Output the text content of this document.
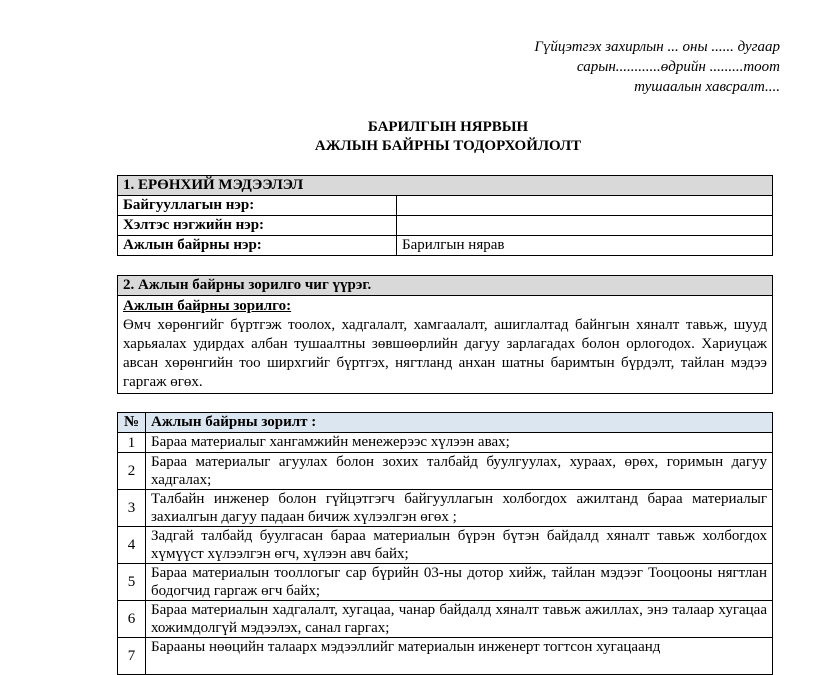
Гүйцэтгэх захирлын ... оны ...... дугаар
сарын............өдрийн .........тоот
тушаалын хавсралт....
БАРИЛГЫН НЯРВЫН
АЖЛЫН БАЙРНЫ ТОДОРХОЙЛОЛТ
1. ЕРӨНХИЙ МЭДЭЭЛЭЛ	
Байгууллагын нэр:	
Хэлтэс нэгжийн нэр:	
Ажлын байрны нэр:	Барилгын нярав
2. Ажлын байрны зорилго чиг үүрэг.

Ажлын байрны зорилго:
Өмч хөрөнгийг бүртгэж тоолох, хадгалалт, хамгаалалт, ашиглалтад байнгын хяналт тавьж, шууд харьяалах удирдах албан тушаалтны зөвшөөрлийн дагуу зарлагадах болон орлогодох. Хариуцаж авсан хөрөнгийн тоо ширхгийг бүртгэх, нягтланд анхан шатны баримтын бүрдэлт, тайлан мэдээ гаргаж өгөх.
№	Ажлын байрны зорилт :
1	Бараа материалыг хангамжийн менежерээс хүлээн авах;
2	Бараа материалыг агуулах болон зохих талбайд буулгуулах, хураах, өрөх, горимын дагуу хадгалах;
3	Талбайн инженер болон гүйцэтгэгч байгууллагын холбогдох ажилтанд бараа материалыг захиалгын дагуу падаан бичиж хүлээлгэн өгөх ;
4	Задгай талбайд буулгасан бараа материалын бүрэн бүтэн байдалд хяналт тавьж холбогдох хүмүүст хүлээлгэн өгч, хүлээн авч байх;
5	Бараа материалын тооллогыг сар бүрийн 03-ны дотор хийж, тайлан мэдээг Тооцооны нягтлан бодогчид гаргаж өгч байх;
6	Бараа материалын хадгалалт, хугацаа, чанар байдалд хяналт тавьж ажиллах, энэ талаар хугацаа хожимдолгүй мэдээлэх, санал гаргах;
7	Барааны нөөцийн талаарх мэдээллийг материалын инженерт тогтсон хугацаанд
